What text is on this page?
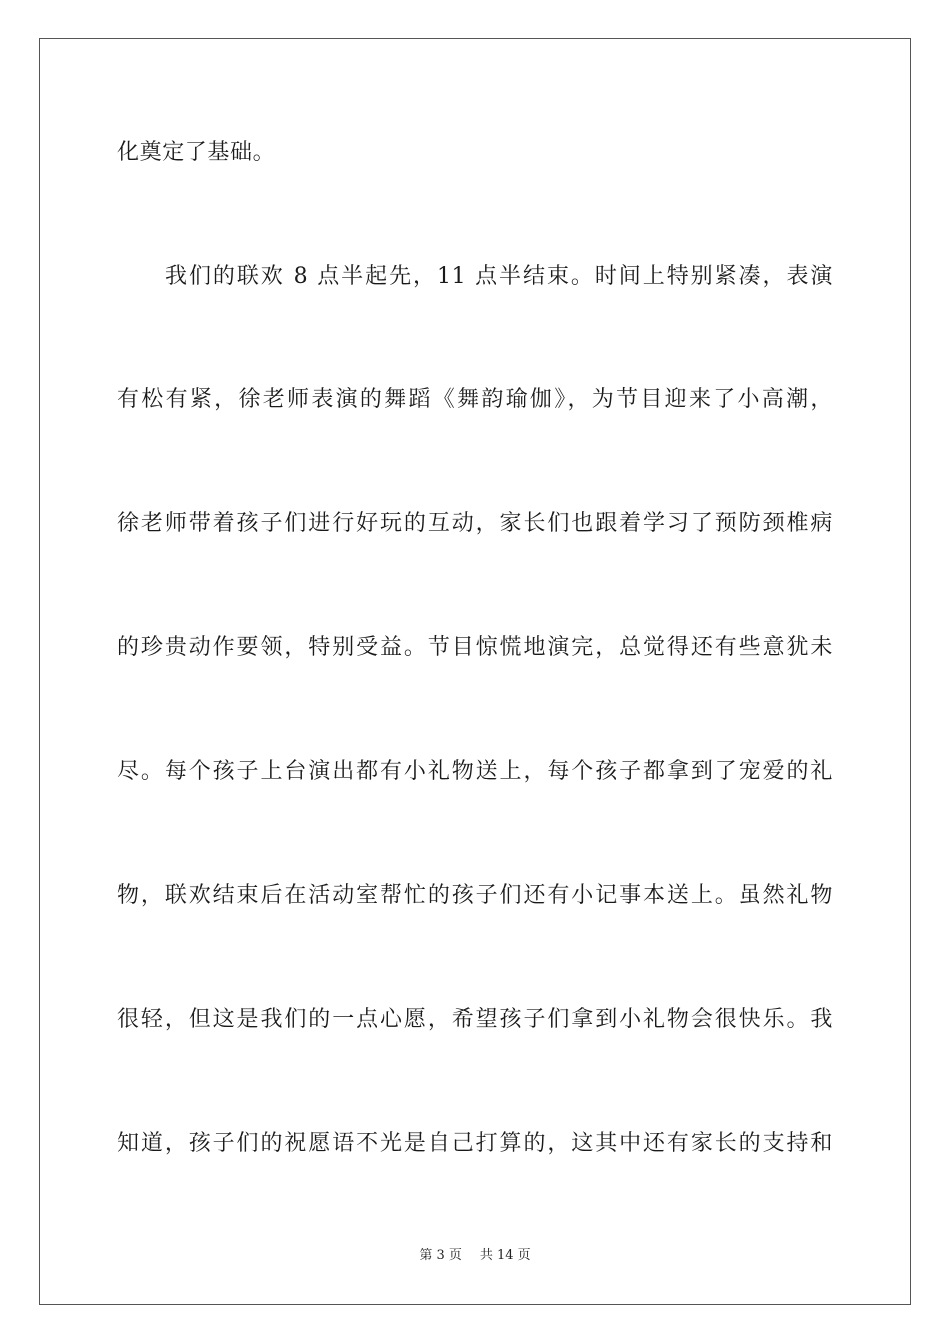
化奠定了基础。
我们的联欢 8 点半起先，11 点半结束。时间上特别紧凑，表演
有松有紧，徐老师表演的舞蹈《舞韵瑜伽》，为节目迎来了小高潮，
徐老师带着孩子们进行好玩的互动，家长们也跟着学习了预防颈椎病
的珍贵动作要领，特别受益。节目惊慌地演完，总觉得还有些意犹未
尽。每个孩子上台演出都有小礼物送上，每个孩子都拿到了宠爱的礼
物，联欢结束后在活动室帮忙的孩子们还有小记事本送上。虽然礼物
很轻，但这是我们的一点心愿，希望孩子们拿到小礼物会很快乐。我
知道，孩子们的祝愿语不光是自己打算的，这其中还有家长的支持和
第 3 页 共 14 页
